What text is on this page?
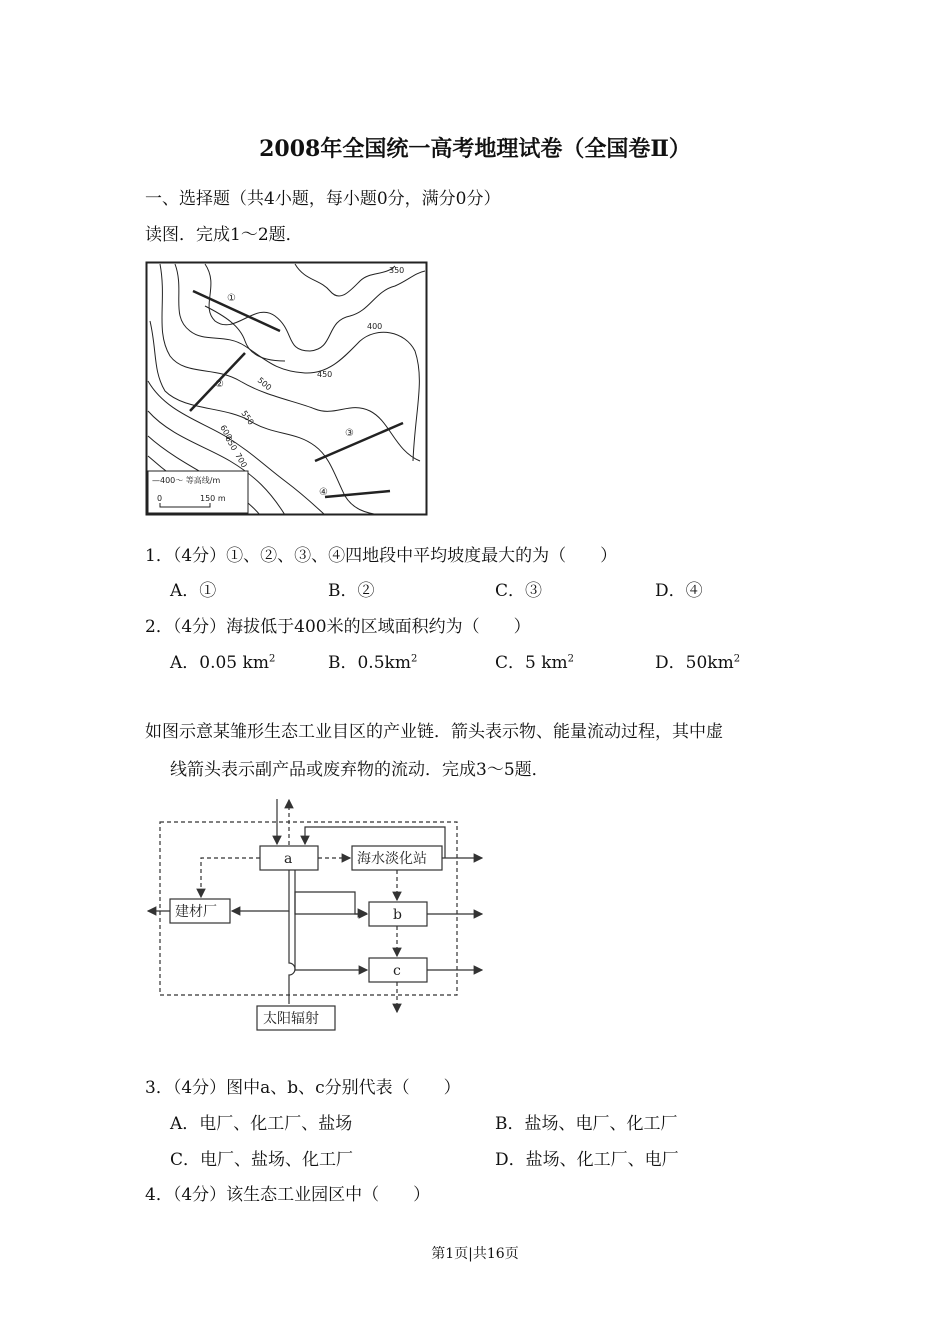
2008年全国统一高考地理试卷（全国卷Ⅱ）
一、选择题（共4小题，每小题0分，满分0分）
读图．完成1～2题．
350
400
450
500
550
600
650
700
①
②
③
④
—400～ 等高线/m
0	150 m
1．（4分）①、②、③、④四地段中平均坡度最大的为（　　）
A．①	B．②	C．③	D．④
2．（4分）海拔低于400米的区域面积约为（　　）
A．0.05 $km^2$	B．$0.5km^2$	C．5 $km^2$	D．$50km^2$
如图示意某雏形生态工业目区的产业链．箭头表示物、能量流动过程，其中虚
线箭头表示副产品或废弃物的流动．完成3～5题．
a	海水淡化站
建材厂	b
c
太阳辐射
3．（4分）图中a、b、c分别代表（　　）
A．电厂、化工厂、盐场	B．盐场、电厂、化工厂
C．电厂、盐场、化工厂	D．盐场、化工厂、电厂
4．（4分）该生态工业园区中（　　）
第1页|共16页
